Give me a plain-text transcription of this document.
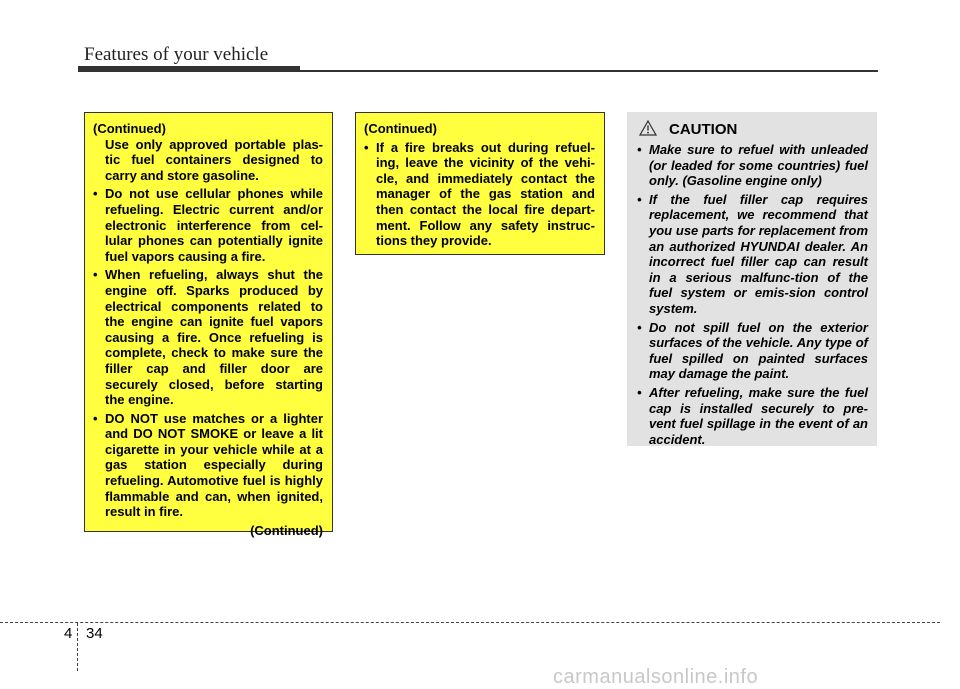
Features of your vehicle

(Continued)

Use only approved portable plas-tic fuel containers designed to carry and store gasoline.

• Do not use cellular phones while refueling. Electric current and/or electronic interference from cel-lular phones can potentially ignite fuel vapors causing a fire.
• When refueling, always shut the engine off. Sparks produced by electrical components related to the engine can ignite fuel vapors causing a fire. Once refueling is complete, check to make sure the filler cap and filler door are securely closed, before starting the engine.
• DO NOT use matches or a lighter and DO NOT SMOKE or leave a lit cigarette in your vehicle while at a gas station especially during refueling. Automotive fuel is highly flammable and can, when ignited, result in fire.

(Continued)

(Continued)

• If a fire breaks out during refuel-ing, leave the vicinity of the vehi-cle, and immediately contact the manager of the gas station and then contact the local fire depart-ment. Follow any safety instruc-tions they provide.
CAUTION
• Make sure to refuel with unleaded (or leaded for some countries) fuel only. (Gasoline engine only)
• If the fuel filler cap requires replacement, we recommend that you use parts for replacement from an authorized HYUNDAI dealer. An incorrect fuel filler cap can result in a serious malfunc-tion of the fuel system or emis-sion control system.
• Do not spill fuel on the exterior surfaces of the vehicle. Any type of fuel spilled on painted surfaces may damage the paint.
• After refueling, make sure the fuel cap is installed securely to pre-vent fuel spillage in the event of an accident.
4 34
carmanualsonline.info
